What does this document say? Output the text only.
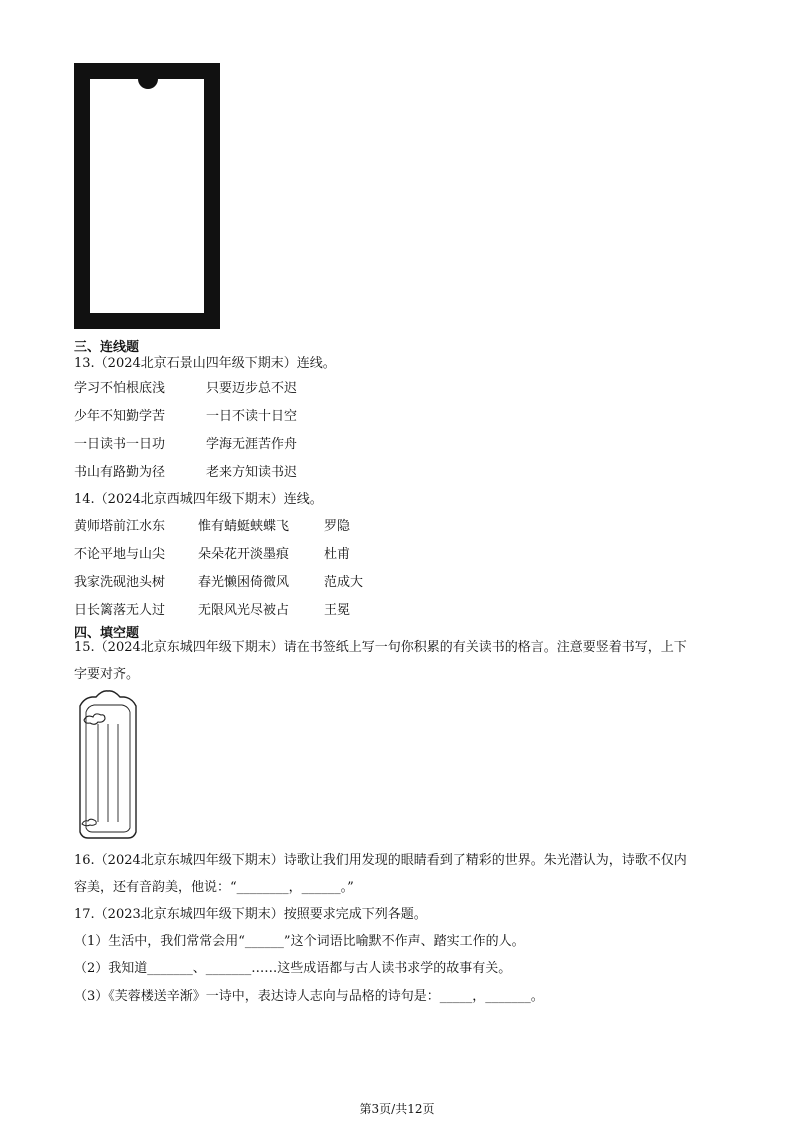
三、连线题
13.（2024北京石景山四年级下期末）连线。
学习不怕根底浅	只要迈步总不迟
少年不知勤学苦	一日不读十日空
一日读书一日功	学海无涯苦作舟
书山有路勤为径	老来方知读书迟
14.（2024北京西城四年级下期末）连线。
黄师塔前江水东	惟有蜻蜓蛱蝶飞	罗隐
不论平地与山尖	朵朵花开淡墨痕	杜甫
我家洗砚池头树	春光懒困倚微风	范成大
日长篱落无人过	无限风光尽被占	王冕
四、填空题
15.（2024北京东城四年级下期末）请在书签纸上写一句你积累的有关读书的格言。注意要竖着书写，上下
字要对齐。
16.（2024北京东城四年级下期末）诗歌让我们用发现的眼睛看到了精彩的世界。朱光潜认为，诗歌不仅内
容美，还有音韵美，他说：“________，______。”
17.（2023北京东城四年级下期末）按照要求完成下列各题。
（1）生活中，我们常常会用“______”这个词语比喻默不作声、踏实工作的人。
（2）我知道_______、_______……这些成语都与古人读书求学的故事有关。
（3）《芙蓉楼送辛渐》一诗中，表达诗人志向与品格的诗句是：_____，_______。
第3页/共12页
